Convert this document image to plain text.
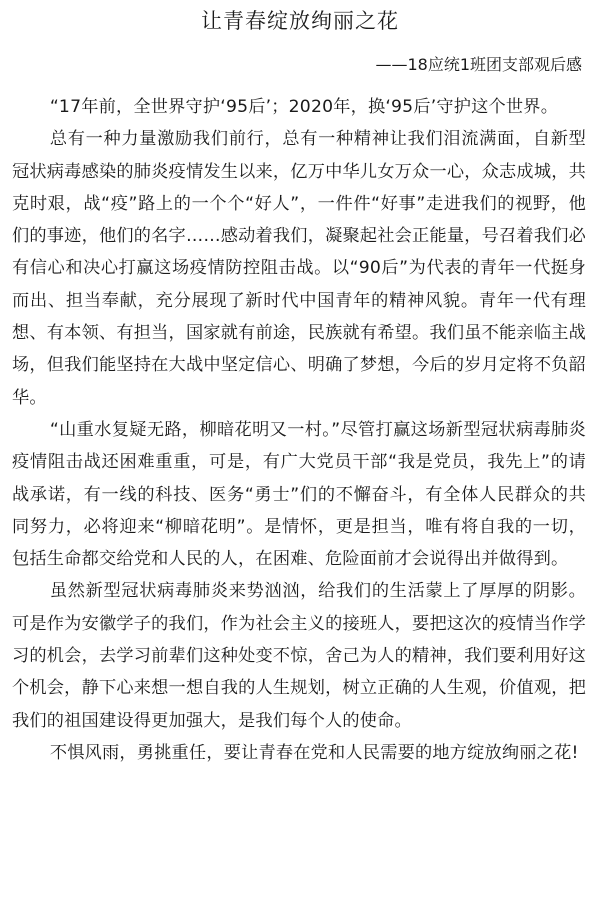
让青春绽放绚丽之花
——18应统1班团支部观后感

“17年前，全世界守护‘95后’；2020年，换‘95后’守护这个世界。

总有一种力量激励我们前行，总有一种精神让我们泪流满面，自新型冠状病毒感染的肺炎疫情发生以来，亿万中华儿女万众一心，众志成城，共克时艰，战“疫”路上的一个个“好人”，一件件“好事”走进我们的视野，他们的事迹，他们的名字……感动着我们，凝聚起社会正能量，号召着我们必有信心和决心打赢这场疫情防控阻击战。以“90后”为代表的青年一代挺身而出、担当奉献，充分展现了新时代中国青年的精神风貌。青年一代有理想、有本领、有担当，国家就有前途，民族就有希望。我们虽不能亲临主战场，但我们能坚持在大战中坚定信心、明确了梦想，今后的岁月定将不负韶华。

“山重水复疑无路，柳暗花明又一村。”尽管打赢这场新型冠状病毒肺炎疫情阻击战还困难重重，可是，有广大党员干部“我是党员，我先上”的请战承诺，有一线的科技、医务“勇士”们的不懈奋斗，有全体人民群众的共同努力，必将迎来“柳暗花明”。是情怀，更是担当，唯有将自我的一切，包括生命都交给党和人民的人，在困难、危险面前才会说得出并做得到。

虽然新型冠状病毒肺炎来势汹汹，给我们的生活蒙上了厚厚的阴影。可是作为安徽学子的我们，作为社会主义的接班人，要把这次的疫情当作学习的机会，去学习前辈们这种处变不惊，舍己为人的精神，我们要利用好这个机会，静下心来想一想自我的人生规划，树立正确的人生观，价值观，把我们的祖国建设得更加强大，是我们每个人的使命。

不惧风雨，勇挑重任，要让青春在党和人民需要的地方绽放绚丽之花!
